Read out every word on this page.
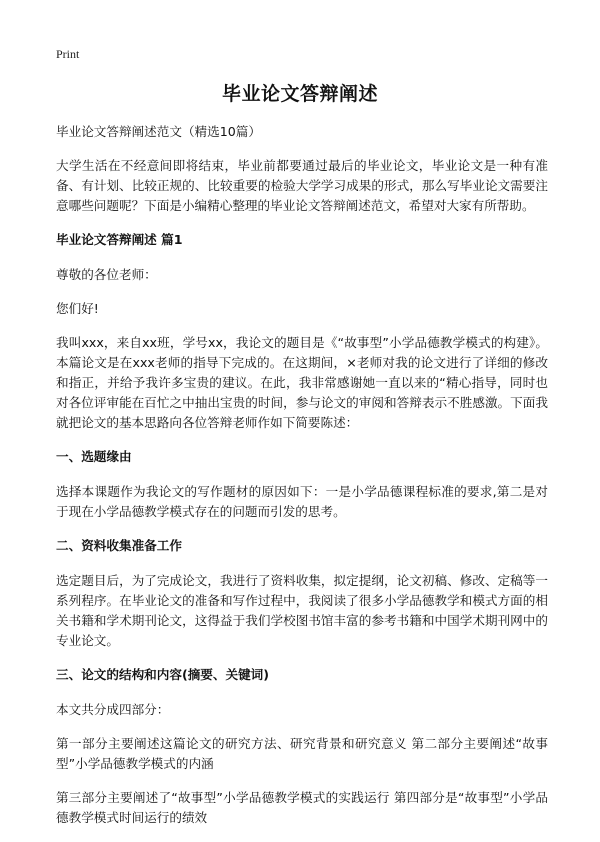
Print
毕业论文答辩阐述
毕业论文答辩阐述范文（精选10篇）
大学生活在不经意间即将结束，毕业前都要通过最后的毕业论文，毕业论文是一种有准备、有计划、比较正规的、比较重要的检验大学学习成果的形式，那么写毕业论文需要注意哪些问题呢？下面是小编精心整理的毕业论文答辩阐述范文，希望对大家有所帮助。
毕业论文答辩阐述 篇1
尊敬的各位老师：
您们好!
我叫xxx，来自xx班，学号xx，我论文的题目是《“故事型”小学品德教学模式的构建》。本篇论文是在xxx老师的指导下完成的。在这期间，×老师对我的论文进行了详细的修改和指正，并给予我许多宝贵的建议。在此，我非常感谢她一直以来的“精心指导，同时也对各位评审能在百忙之中抽出宝贵的时间，参与论文的审阅和答辩表示不胜感激。下面我就把论文的基本思路向各位答辩老师作如下简要陈述：
一、选题缘由
选择本课题作为我论文的写作题材的原因如下：一是小学品德课程标准的要求,第二是对于现在小学品德教学模式存在的问题而引发的思考。
二、资料收集准备工作
选定题目后，为了完成论文，我进行了资料收集，拟定提纲，论文初稿、修改、定稿等一系列程序。在毕业论文的准备和写作过程中，我阅读了很多小学品德教学和模式方面的相关书籍和学术期刊论文，这得益于我们学校图书馆丰富的参考书籍和中国学术期刊网中的专业论文。
三、论文的结构和内容(摘要、关键词)
本文共分成四部分：
第一部分主要阐述这篇论文的研究方法、研究背景和研究意义 第二部分主要阐述“故事型”小学品德教学模式的内涵
第三部分主要阐述了“故事型”小学品德教学模式的实践运行 第四部分是“故事型”小学品德教学模式时间运行的绩效
